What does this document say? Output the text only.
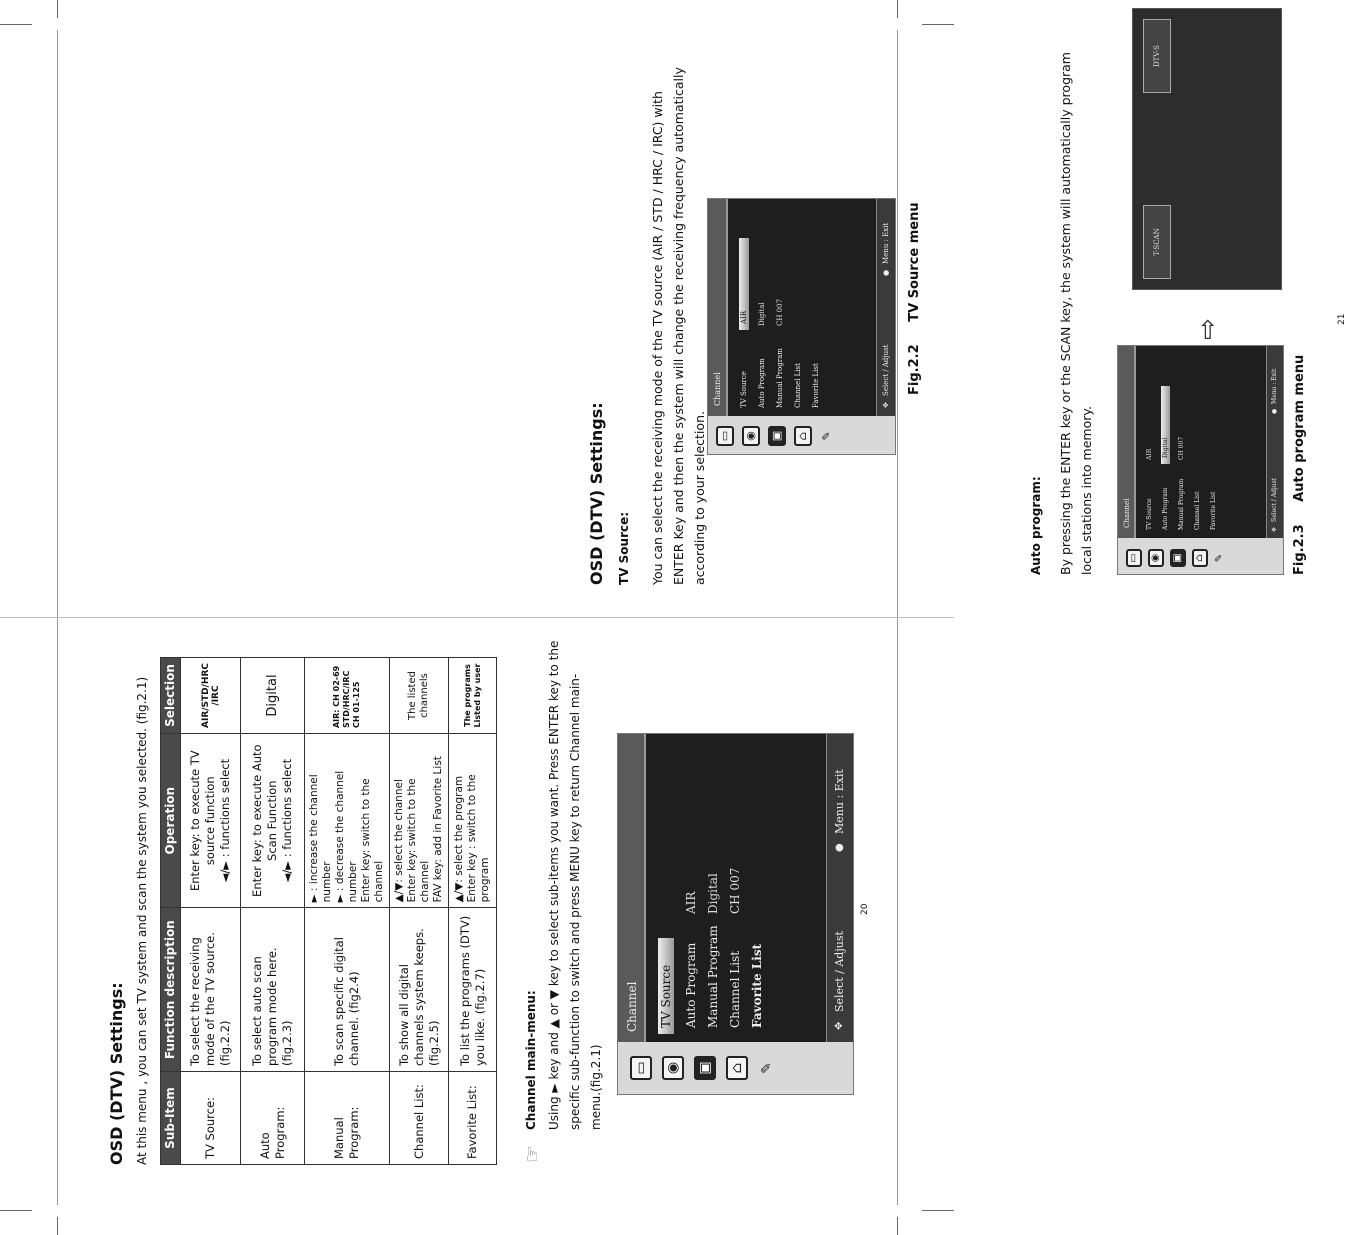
OSD (DTV) Settings: At this menu , you can set TV system and scan the system you selected. (fig.2.1)	Sub-Item	Function description	Operation	Selection
TV Source:	To select the receiving mode of the TV source. (fig.2.2)	Enter key: to execute TV source function ◄/► : functions select	AIR/STD/HRC /IRC
Auto Program:	To select auto scan program mode here.(fig.2.3)	Enter key: to execute Auto Scan Function ◄/► : functions select	Digital
Manual Program:	To scan specific digital channel. (fig2.4)	► : increase the channel number ► : decrease the channel number Enter key: switch to the channel	AIR: CH 02-69 STD/HRC/IRC CH 01-125
Channel List:	To show all digital channels system keeps. (fig.2.5)	▲/▼: select the channel Enter key: switch to the channel FAV key: add in Favorite List	The listed channels
Favorite List:	To list the programs (DTV) you like. (fig.2.7)	▲/▼: select the program Enter key : switch to the program	The programs Listed by user
☞
Channel main-menu: Using ► key and ▲ or ▼ key to select sub-items you want. Press ENTER key to the specific sub-function to switch and press MENU key to return Channel main-menu.(fig.2.1) ▭ ◉ ▣ ⌂ ✎
Channel	TV Source Auto Program Manual Program Channel List Favorite List
AIR Digital CH 007
✥
Select / Adjust
●
Menu : Exit
20
OSD (DTV) Settings: TV Source: You can select the receiving mode of the TV source (AIR / STD / HRC / IRC) with ENTER Key and then the system will change the receiving frequency automatically according to your selection. ▭ ◉ ▣ ⌂ ✎
Channel	TV Source Auto Program Manual Program Channel List Favorite List
AIR Digital CH 007
✥
Select / Adjust
●
Menu : Exit	Fig.2.2     TV Source menu
Auto program: By pressing the ENTER key or the SCAN key, the system will automatically program local stations into memory.	▭	◉	▣	⌂ ✎
Channel	TV Source Auto Program Manual Program Channel List Favorite List
AIR Digital CH 007
✥
Select / Adjust
●
Menu : Exit	Fig.2.3     Auto program menu
⇨
T-SCAN
DTV-S
21
